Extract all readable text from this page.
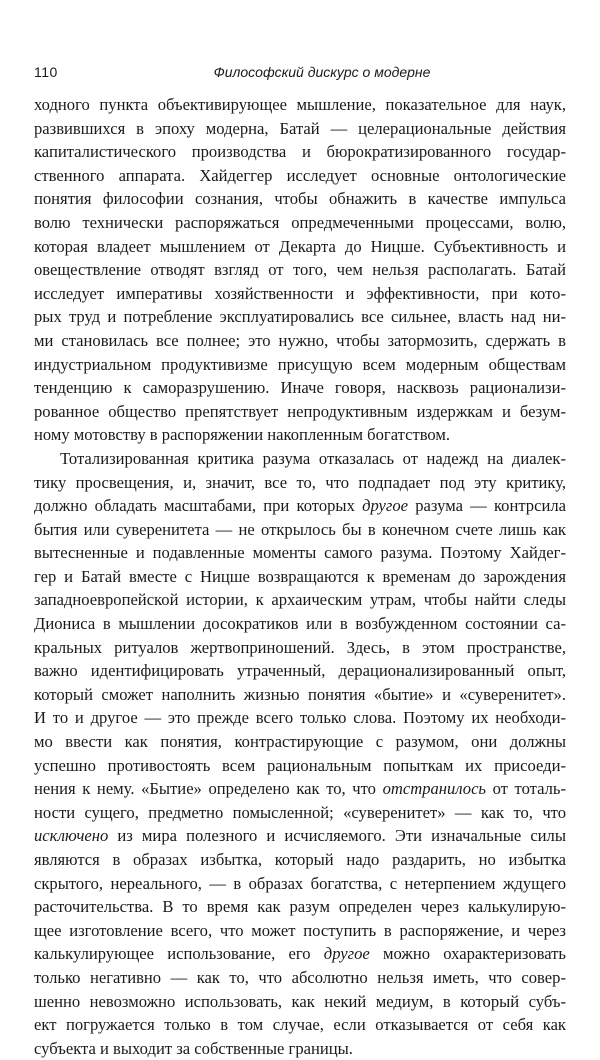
110	Философский дискурс о модерне
ходного пункта объективирующее мышление, показательное для наук,
развившихся в эпоху модерна, Батай — целерациональные действия
капиталистического производства и бюрократизированного государ-
ственного аппарата. Хайдеггер исследует основные онтологические
понятия философии сознания, чтобы обнажить в качестве импульса
волю технически распоряжаться опредмеченными процессами, волю,
которая владеет мышлением от Декарта до Ницше. Субъективность и
овеществление отводят взгляд от того, чем нельзя располагать. Батай
исследует императивы хозяйственности и эффективности, при кото-
рых труд и потребление эксплуатировались все сильнее, власть над ни-
ми становилась все полнее; это нужно, чтобы затормозить, сдержать в
индустриальном продуктивизме присущую всем модерным обществам
тенденцию к саморазрушению. Иначе говоря, насквозь рационализи-
рованное общество препятствует непродуктивным издержкам и безум-
ному мотовству в распоряжении накопленным богатством.
Тотализированная критика разума отказалась от надежд на диалек-
тику просвещения, и, значит, все то, что подпадает под эту критику,
должно обладать масштабами, при которых другое разума — контрсила
бытия или суверенитета — не открылось бы в конечном счете лишь как
вытесненные и подавленные моменты самого разума. Поэтому Хайдег-
гер и Батай вместе с Ницше возвращаются к временам до зарождения
западноевропейской истории, к архаическим утрам, чтобы найти следы
Диониса в мышлении досократиков или в возбужденном состоянии са-
кральных ритуалов жертвоприношений. Здесь, в этом пространстве,
важно идентифицировать утраченный, дерационализированный опыт,
который сможет наполнить жизнью понятия «бытие» и «суверенитет».
И то и другое — это прежде всего только слова. Поэтому их необходи-
мо ввести как понятия, контрастирующие с разумом, они должны
успешно противостоять всем рациональным попыткам их присоеди-
нения к нему. «Бытие» определено как то, что отстранилось от тоталь-
ности сущего, предметно помысленной; «суверенитет» — как то, что
исключено из мира полезного и исчисляемого. Эти изначальные силы
являются в образах избытка, который надо раздарить, но избытка
скрытого, нереального, — в образах богатства, с нетерпением ждущего
расточительства. В то время как разум определен через калькулирую-
щее изготовление всего, что может поступить в распоряжение, и через
калькулирующее использование, его другое можно охарактеризовать
только негативно — как то, что абсолютно нельзя иметь, что совер-
шенно невозможно использовать, как некий медиум, в который субъ-
ект погружается только в том случае, если отказывается от себя как
субъекта и выходит за собственные границы.
